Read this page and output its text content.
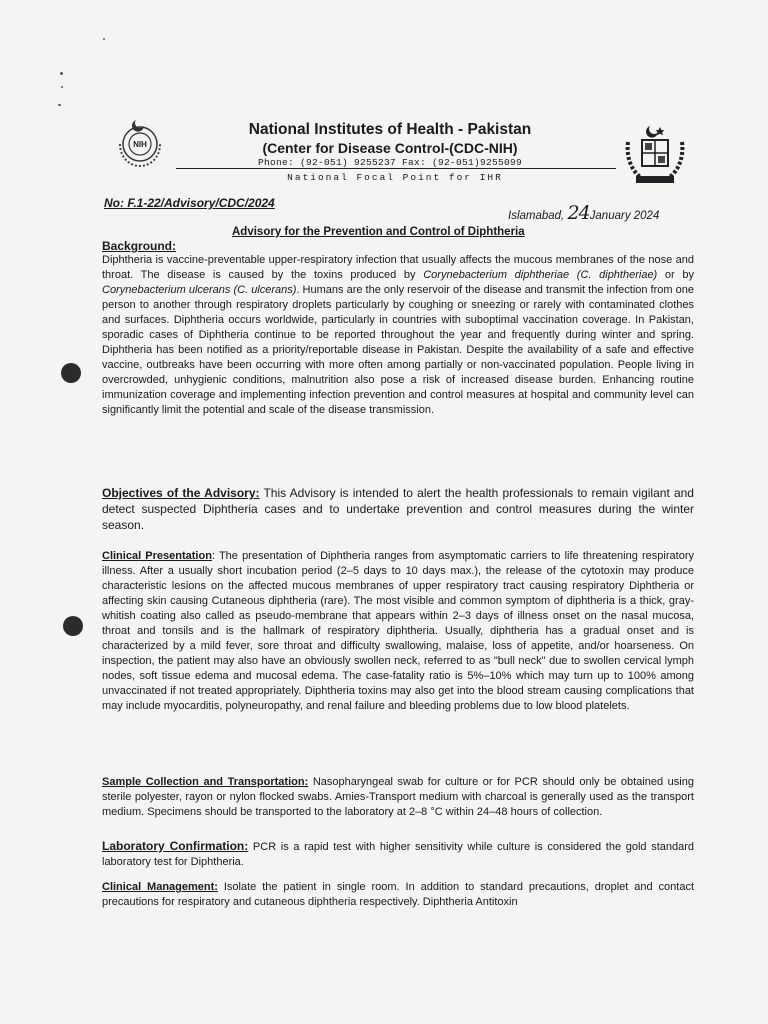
NIH
National Institutes of Health - Pakistan
(Center for Disease Control-(CDC-NIH)
Phone: (92-051) 9255237 Fax: (92-051)9255099
National Focal Point for IHR
No: F.1-22/Advisory/CDC/2024
Islamabad, 24January 2024
Advisory for the Prevention and Control of Diphtheria
Background:
Diphtheria is vaccine-preventable upper-respiratory infection that usually affects the mucous membranes of the nose and throat. The disease is caused by the toxins produced by Corynebacterium diphtheriae (C. diphtheriae) or by Corynebacterium ulcerans (C. ulcerans). Humans are the only reservoir of the disease and transmit the infection from one person to another through respiratory droplets particularly by coughing or sneezing or rarely with contaminated clothes and surfaces. Diphtheria occurs worldwide, particularly in countries with suboptimal vaccination coverage. In Pakistan, sporadic cases of Diphtheria continue to be reported throughout the year and frequently during winter and spring. Diphtheria has been notified as a priority/reportable disease in Pakistan. Despite the availability of a safe and effective vaccine, outbreaks have been occurring with more often among partially or non-vaccinated population. People living in overcrowded, unhygienic conditions, malnutrition also pose a risk of increased disease burden. Enhancing routine immunization coverage and implementing infection prevention and control measures at hospital and community level can significantly limit the potential and scale of the disease transmission.
Objectives of the Advisory: This Advisory is intended to alert the health professionals to remain vigilant and detect suspected Diphtheria cases and to undertake prevention and control measures during the winter season.
Clinical Presentation: The presentation of Diphtheria ranges from asymptomatic carriers to life threatening respiratory illness. After a usually short incubation period (2–5 days to 10 days max.), the release of the cytotoxin may produce characteristic lesions on the affected mucous membranes of upper respiratory tract causing respiratory Diphtheria or affecting skin causing Cutaneous diphtheria (rare). The most visible and common symptom of diphtheria is a thick, gray-whitish coating also called as pseudo-membrane that appears within 2–3 days of illness onset on the nasal mucosa, throat and tonsils and is the hallmark of respiratory diphtheria. Usually, diphtheria has a gradual onset and is characterized by a mild fever, sore throat and difficulty swallowing, malaise, loss of appetite, and/or hoarseness. On inspection, the patient may also have an obviously swollen neck, referred to as "bull neck" due to swollen cervical lymph nodes, soft tissue edema and mucosal edema. The case-fatality ratio is 5%–10% which may turn up to 100% among unvaccinated if not treated appropriately. Diphtheria toxins may also get into the blood stream causing complications that may include myocarditis, polyneuropathy, and renal failure and bleeding problems due to low blood platelets.
Sample Collection and Transportation: Nasopharyngeal swab for culture or for PCR should only be obtained using sterile polyester, rayon or nylon flocked swabs. Amies-Transport medium with charcoal is generally used as the transport medium. Specimens should be transported to the laboratory at 2–8 °C within 24–48 hours of collection.
Laboratory Confirmation: PCR is a rapid test with higher sensitivity while culture is considered the gold standard laboratory test for Diphtheria.
Clinical Management: Isolate the patient in single room. In addition to standard precautions, droplet and contact precautions for respiratory and cutaneous diphtheria respectively. Diphtheria Antitoxin
